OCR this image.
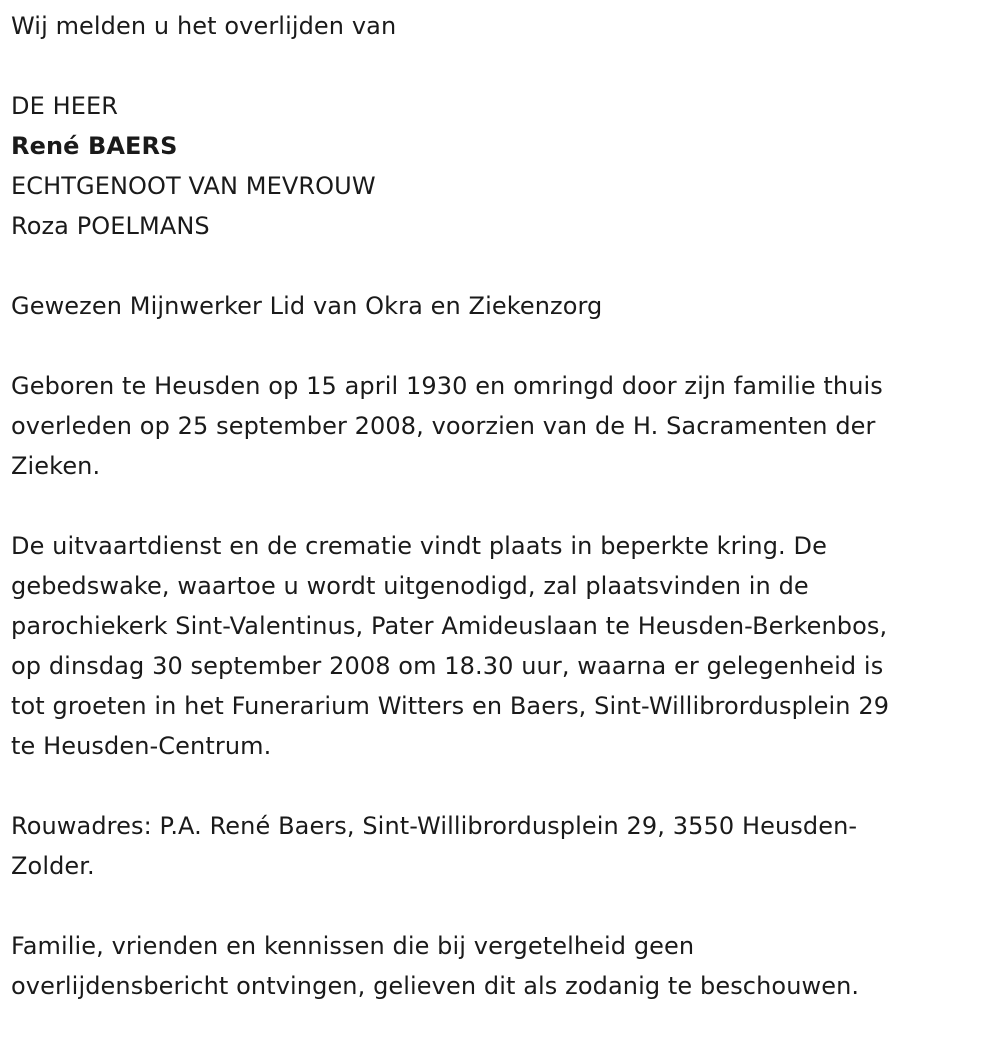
Wij melden u het overlijden van
DE HEER
René BAERS
ECHTGENOOT VAN MEVROUW
Roza POELMANS
Gewezen Mijnwerker Lid van Okra en Ziekenzorg
Geboren te Heusden op 15 april 1930 en omringd door zijn familie thuis
overleden op 25 september 2008, voorzien van de H. Sacramenten der
Zieken.
De uitvaartdienst en de crematie vindt plaats in beperkte kring. De
gebedswake, waartoe u wordt uitgenodigd, zal plaatsvinden in de
parochiekerk Sint-Valentinus, Pater Amideuslaan te Heusden-Berkenbos,
op dinsdag 30 september 2008 om 18.30 uur, waarna er gelegenheid is
tot groeten in het Funerarium Witters en Baers, Sint-Willibrordusplein 29
te Heusden-Centrum.
Rouwadres: P.A. René Baers, Sint-Willibrordusplein 29, 3550 Heusden-
Zolder.
Familie, vrienden en kennissen die bij vergetelheid geen
overlijdensbericht ontvingen, gelieven dit als zodanig te beschouwen.
